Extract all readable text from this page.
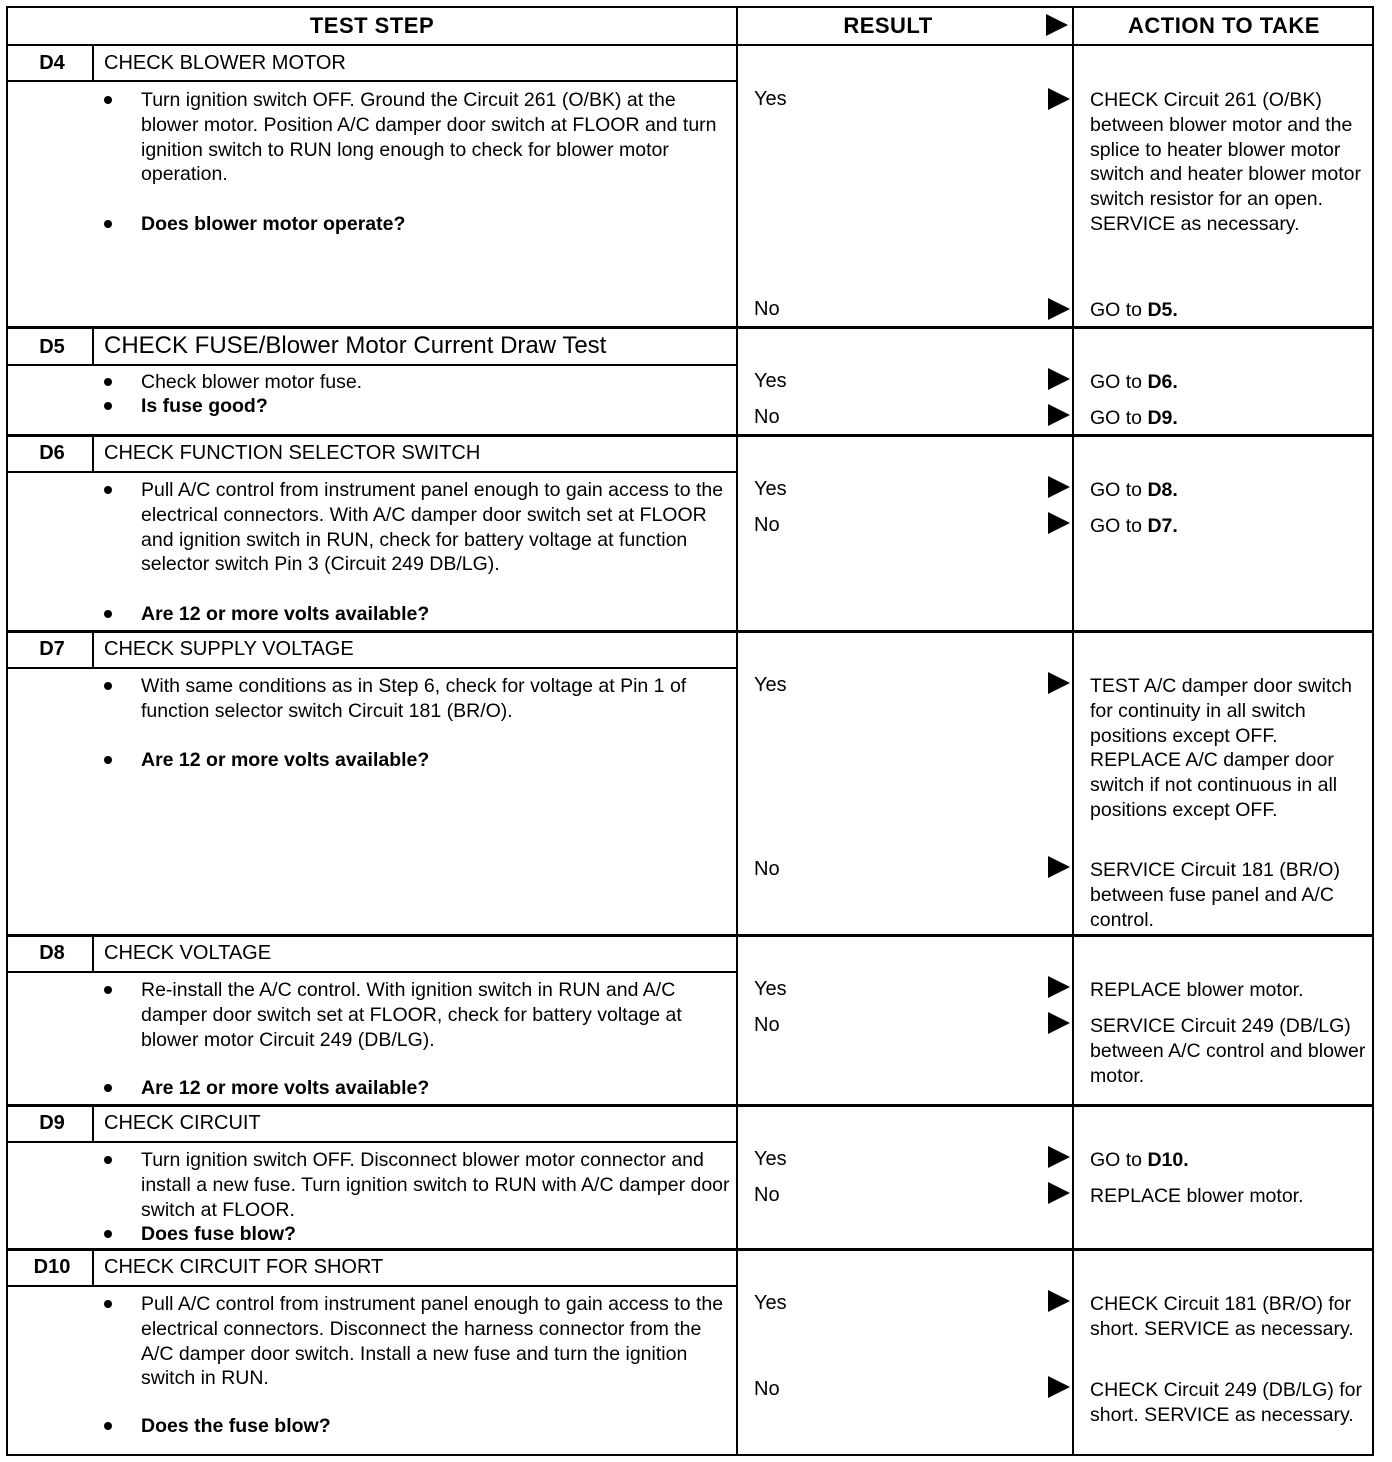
TEST STEP	RESULT	ACTION TO TAKE
D4	CHECK BLOWER MOTOR
Turn ignition switch OFF. Ground the Circuit 261 (O/BK) at the blower motor. Position A/C damper door switch at FLOOR and turn ignition switch to RUN long enough to check for blower motor operation.
Does blower motor operate?
Yes	CHECK Circuit 261 (O/BK) between blower motor and the splice to heater blower motor switch and heater blower motor switch resistor for an open. SERVICE as necessary.
No	GO to D5.
D5	CHECK FUSE/Blower Motor Current Draw Test
Check blower motor fuse.
Is fuse good?
Yes	GO to D6.
No	GO to D9.
D6	CHECK FUNCTION SELECTOR SWITCH
Pull A/C control from instrument panel enough to gain access to the electrical connectors. With A/C damper door switch set at FLOOR and ignition switch in RUN, check for battery voltage at function selector switch Pin 3 (Circuit 249 DB/LG).
Are 12 or more volts available?
Yes	GO to D8.
No	GO to D7.
D7	CHECK SUPPLY VOLTAGE
With same conditions as in Step 6, check for voltage at Pin 1 of function selector switch Circuit 181 (BR/O).
Are 12 or more volts available?
Yes	TEST A/C damper door switch for continuity in all switch positions except OFF. REPLACE A/C damper door switch if not continuous in all positions except OFF.
No	SERVICE Circuit 181 (BR/O) between fuse panel and A/C control.
D8	CHECK VOLTAGE
Re-install the A/C control. With ignition switch in RUN and A/C damper door switch set at FLOOR, check for battery voltage at blower motor Circuit 249 (DB/LG).
Are 12 or more volts available?
Yes	REPLACE blower motor.
No	SERVICE Circuit 249 (DB/LG) between A/C control and blower motor.
D9	CHECK CIRCUIT
Turn ignition switch OFF. Disconnect blower motor connector and install a new fuse. Turn ignition switch to RUN with A/C damper door switch at FLOOR.
Does fuse blow?
Yes	GO to D10.
No	REPLACE blower motor.
D10	CHECK CIRCUIT FOR SHORT
Pull A/C control from instrument panel enough to gain access to the electrical connectors. Disconnect the harness connector from the A/C damper door switch. Install a new fuse and turn the ignition switch in RUN.
Does the fuse blow?
Yes	CHECK Circuit 181 (BR/O) for short. SERVICE as necessary.
No	CHECK Circuit 249 (DB/LG) for short. SERVICE as necessary.
